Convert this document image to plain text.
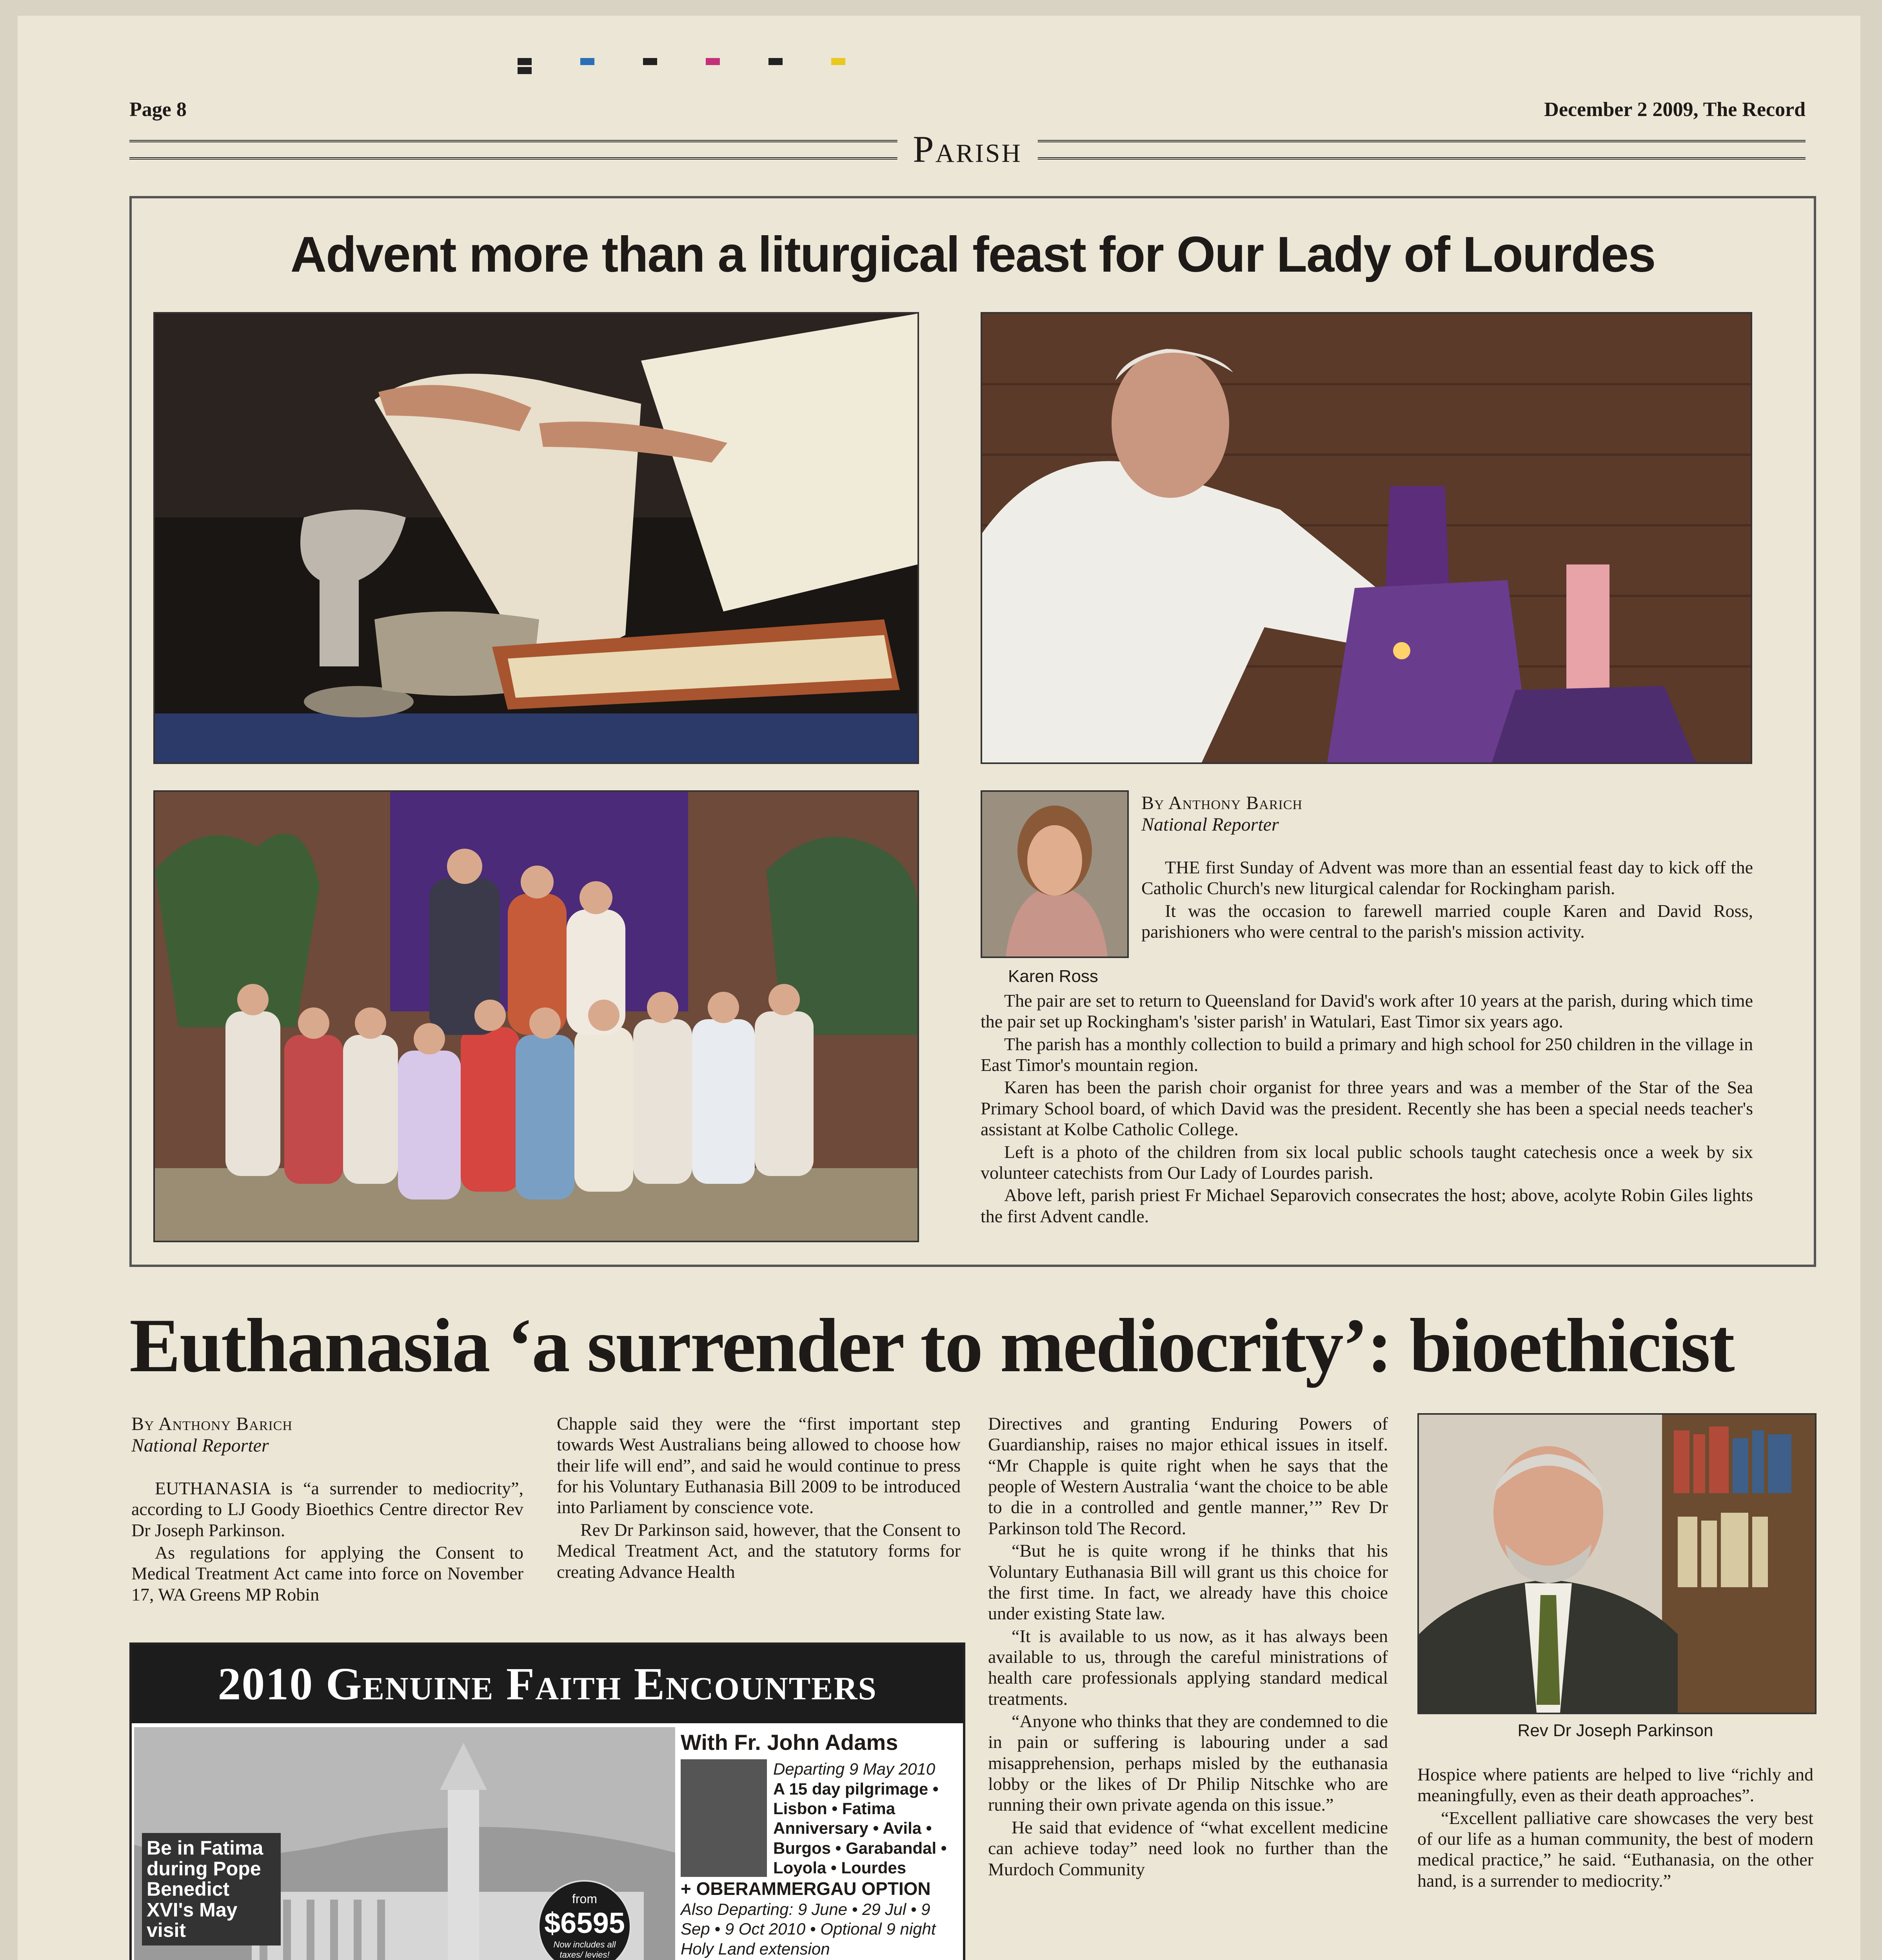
Page 8	December 2 2009, The Record
Parish
Advent more than a liturgical feast for Our Lady of Lourdes
Karen Ross
By Anthony Barich
National Reporter

THE first Sunday of Advent was more than an essential feast day to kick off the Catholic Church's new liturgical calendar for Rockingham parish.

It was the occasion to farewell married couple Karen and David Ross, parishioners who were central to the parish's mission activity.

The pair are set to return to Queensland for David's work after 10 years at the parish, during which time the pair set up Rockingham's 'sister parish' in Watulari, East Timor six years ago.

The parish has a monthly collection to build a primary and high school for 250 children in the village in East Timor's mountain region.

Karen has been the parish choir organist for three years and was a member of the Star of the Sea Primary School board, of which David was the president. Recently she has been a special needs teacher's assistant at Kolbe Catholic College.

Left is a photo of the children from six local public schools taught catechesis once a week by six volunteer catechists from Our Lady of Lourdes parish.

Above left, parish priest Fr Michael Separovich consecrates the host; above, acolyte Robin Giles lights the first Advent candle.

Euthanasia ‘a surrender to mediocrity’: bioethicist
By Anthony Barich
National Reporter

EUTHANASIA is “a surrender to mediocrity”, according to LJ Goody Bioethics Centre director Rev Dr Joseph Parkinson.

As regulations for applying the Consent to Medical Treatment Act came into force on November 17, WA Greens MP Robin

Chapple said they were the “first important step towards West Australians being allowed to choose how their life will end”, and said he would continue to press for his Voluntary Euthanasia Bill 2009 to be introduced into Parliament by conscience vote.

Rev Dr Parkinson said, however, that the Consent to Medical Treatment Act, and the statutory forms for creating Advance Health

Directives and granting Enduring Powers of Guardianship, raises no major ethical issues in itself. “Mr Chapple is quite right when he says that the people of Western Australia ‘want the choice to be able to die in a controlled and gentle manner,’” Rev Dr Parkinson told The Record.

“But he is quite wrong if he thinks that his Voluntary Euthanasia Bill will grant us this choice for the first time. In fact, we already have this choice under existing State law.

“It is available to us now, as it has always been available to us, through the careful ministrations of health care professionals applying standard medical treatments.

“Anyone who thinks that they are condemned to die in pain or suffering is labouring under a sad misapprehension, perhaps misled by the euthanasia lobby or the likes of Dr Philip Nitschke who are running their own private agenda on this issue.”

He said that evidence of “what excellent medicine can achieve today” need look no further than the Murdoch Community

Rev Dr Joseph Parkinson

Hospice where patients are helped to live “richly and meaningfully, even as their death approaches”.

“Excellent palliative care showcases the very best of our life as a human community, the best of modern medical practice,” he said. “Euthanasia, on the other hand, is a surrender to mediocrity.”

2010 Genuine Faith Encounters
Be in Fatima during Pope Benedict XVI's May visit
from
$6595
Now includes all taxes/ levies!
With Fr. John Adams
Departing 9 May 2010
A 15 day pilgrimage • Lisbon • Fatima Anniversary • Avila • Burgos • Garabandal • Loyola • Lourdes
+ OBERAMMERGAU OPTION
Also Departing: 9 June • 29 Jul • 9 Sep • 9 Oct 2010 • Optional 9 night Holy Land extension
